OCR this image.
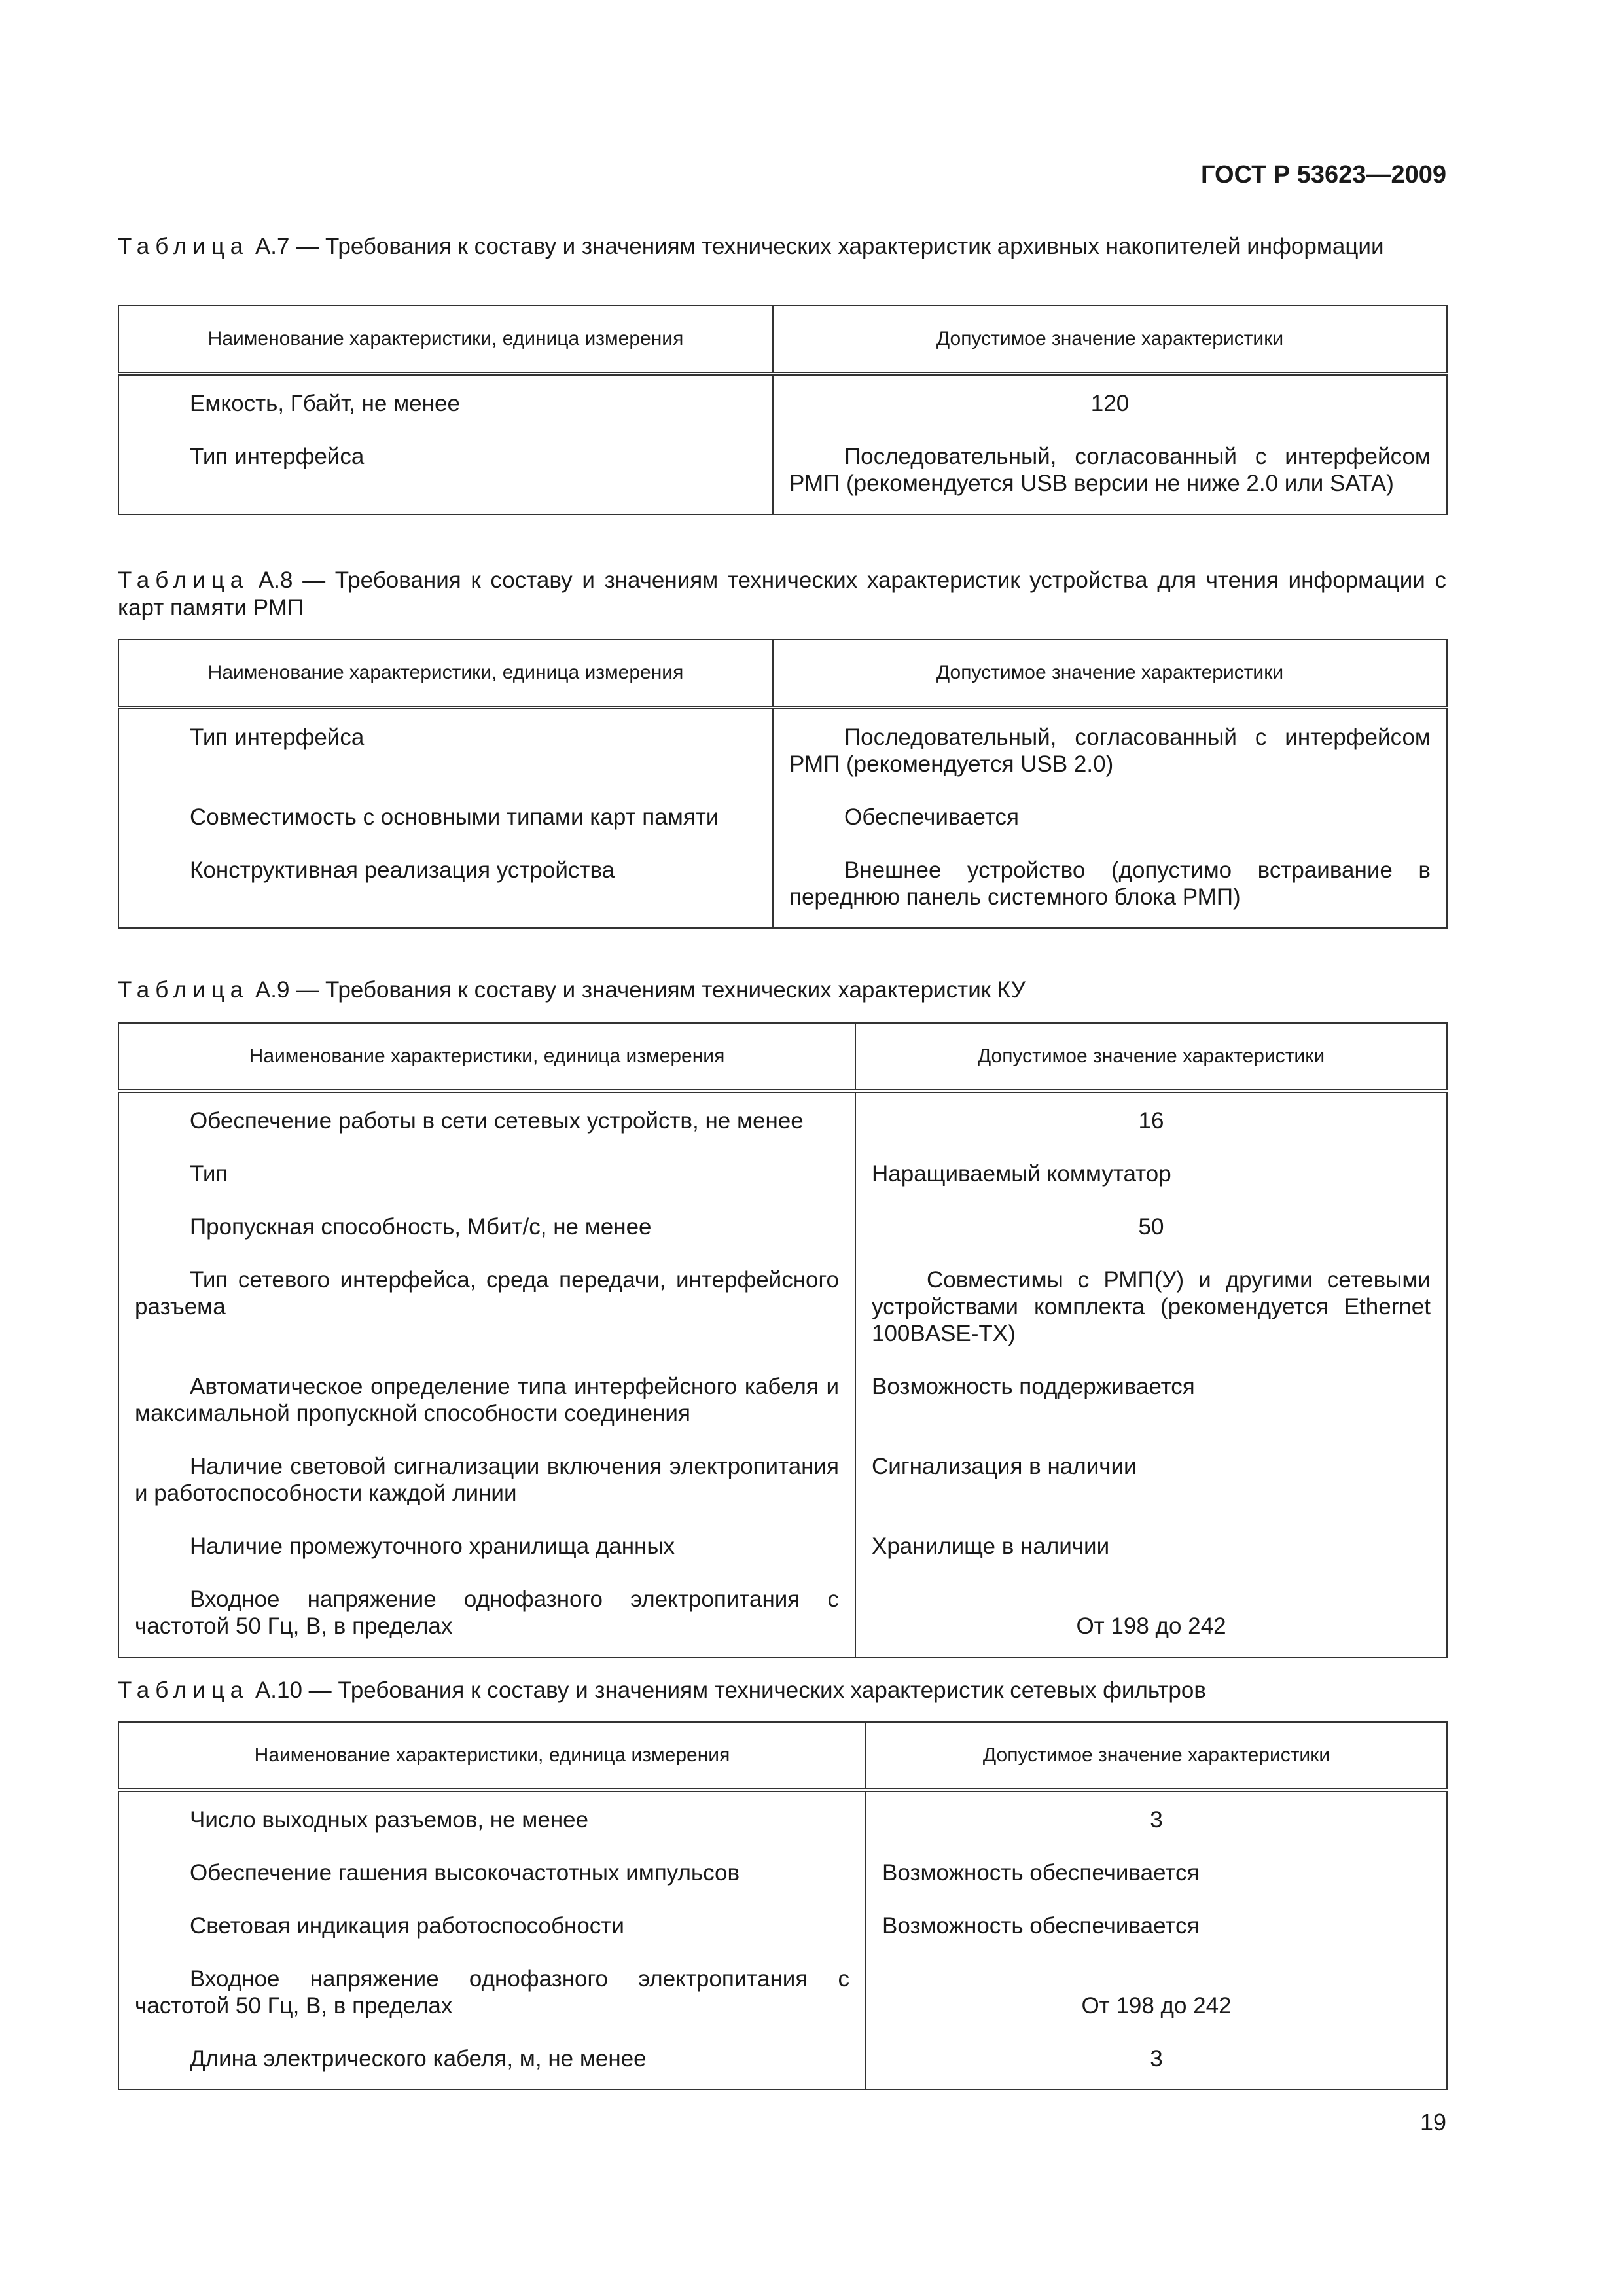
ГОСТ Р 53623—2009
Таблица А.7 — Требования к составу и значениям технических характеристик архивных накопителей информации
Наименование характеристики, единица измерения	Допустимое значение характеристики
Емкость, Гбайт, не менее	120
Тип интерфейса	Последовательный, согласованный с интерфейсом РМП (рекомендуется USB версии не ниже 2.0 или SATA)
Таблица А.8 — Требования к составу и значениям технических характеристик устройства для чтения информации с карт памяти РМП
Наименование характеристики, единица измерения	Допустимое значение характеристики
Тип интерфейса	Последовательный, согласованный с интерфейсом РМП (рекомендуется USB 2.0)
Совместимость с основными типами карт памяти	Обеспечивается
Конструктивная реализация устройства	Внешнее устройство (допустимо встраивание в переднюю панель системного блока РМП)
Таблица А.9 — Требования к составу и значениям технических характеристик КУ
Наименование характеристики, единица измерения	Допустимое значение характеристики
Обеспечение работы в сети сетевых устройств, не менее	16
Тип	Наращиваемый коммутатор
Пропускная способность, Мбит/с, не менее	50
Тип сетевого интерфейса, среда передачи, интерфейсного разъема	Совместимы с РМП(У) и другими сетевыми устройствами комплекта (рекомендуется Ethernet 100BASE-TX)
Автоматическое определение типа интерфейсного кабеля и максимальной пропускной способности соединения	Возможность поддерживается
Наличие световой сигнализации включения электропитания и работоспособности каждой линии	Сигнализация в наличии
Наличие промежуточного хранилища данных	Хранилище в наличии
Входное напряжение однофазного электропитания с частотой 50 Гц, В, в пределах	От 198 до 242
Таблица А.10 — Требования к составу и значениям технических характеристик сетевых фильтров
Наименование характеристики, единица измерения	Допустимое значение характеристики
Число выходных разъемов, не менее	3
Обеспечение гашения высокочастотных импульсов	Возможность обеспечивается
Световая индикация работоспособности	Возможность обеспечивается
Входное напряжение однофазного электропитания с частотой 50 Гц, В, в пределах	От 198 до 242
Длина электрического кабеля, м, не менее	3
19
